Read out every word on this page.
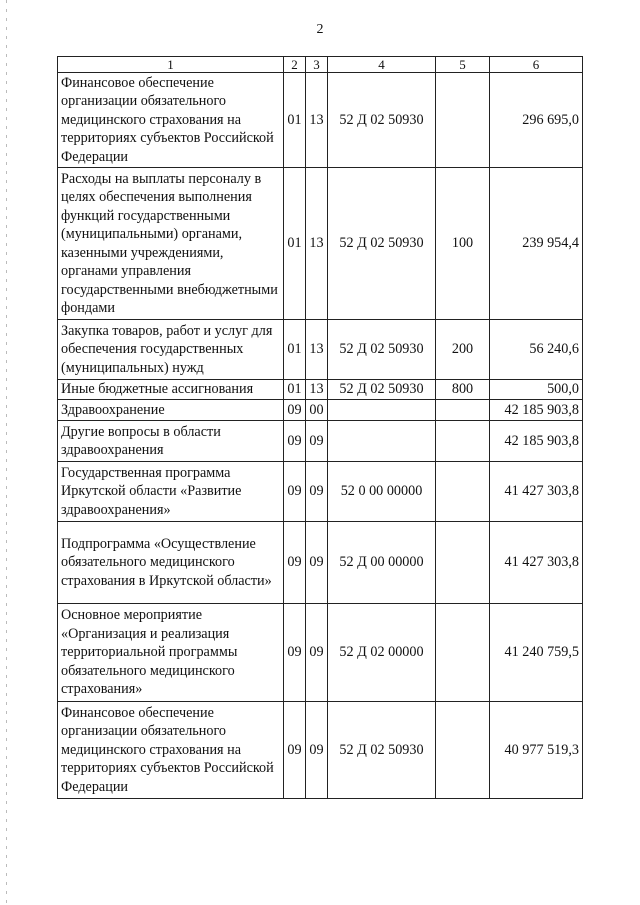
2
1	2	3	4	5	6
Финансовое обеспечение организации обязательного медицинского страхования на территориях субъектов Российской Федерации	01	13	52 Д 02 50930		296 695,0
Расходы на выплаты персоналу в целях обеспечения выполнения функций государственными (муниципальными) органами, казенными учреждениями, органами управления государственными внебюджетными фондами	01	13	52 Д 02 50930	100	239 954,4
Закупка товаров, работ и услуг для обеспечения государственных (муниципальных) нужд	01	13	52 Д 02 50930	200	56 240,6
Иные бюджетные ассигнования	01	13	52 Д 02 50930	800	500,0
Здравоохранение	09	00			42 185 903,8
Другие вопросы в области здравоохранения	09	09			42 185 903,8
Государственная программа Иркутской области «Развитие здравоохранения»	09	09	52 0 00 00000		41 427 303,8
Подпрограмма «Осуществление обязательного медицинского страхования в Иркутской области»	09	09	52 Д 00 00000		41 427 303,8
Основное мероприятие «Организация и реализация территориальной программы обязательного медицинского страхования»	09	09	52 Д 02 00000		41 240 759,5
Финансовое обеспечение организации обязательного медицинского страхования на территориях субъектов Российской Федерации	09	09	52 Д 02 50930		40 977 519,3
